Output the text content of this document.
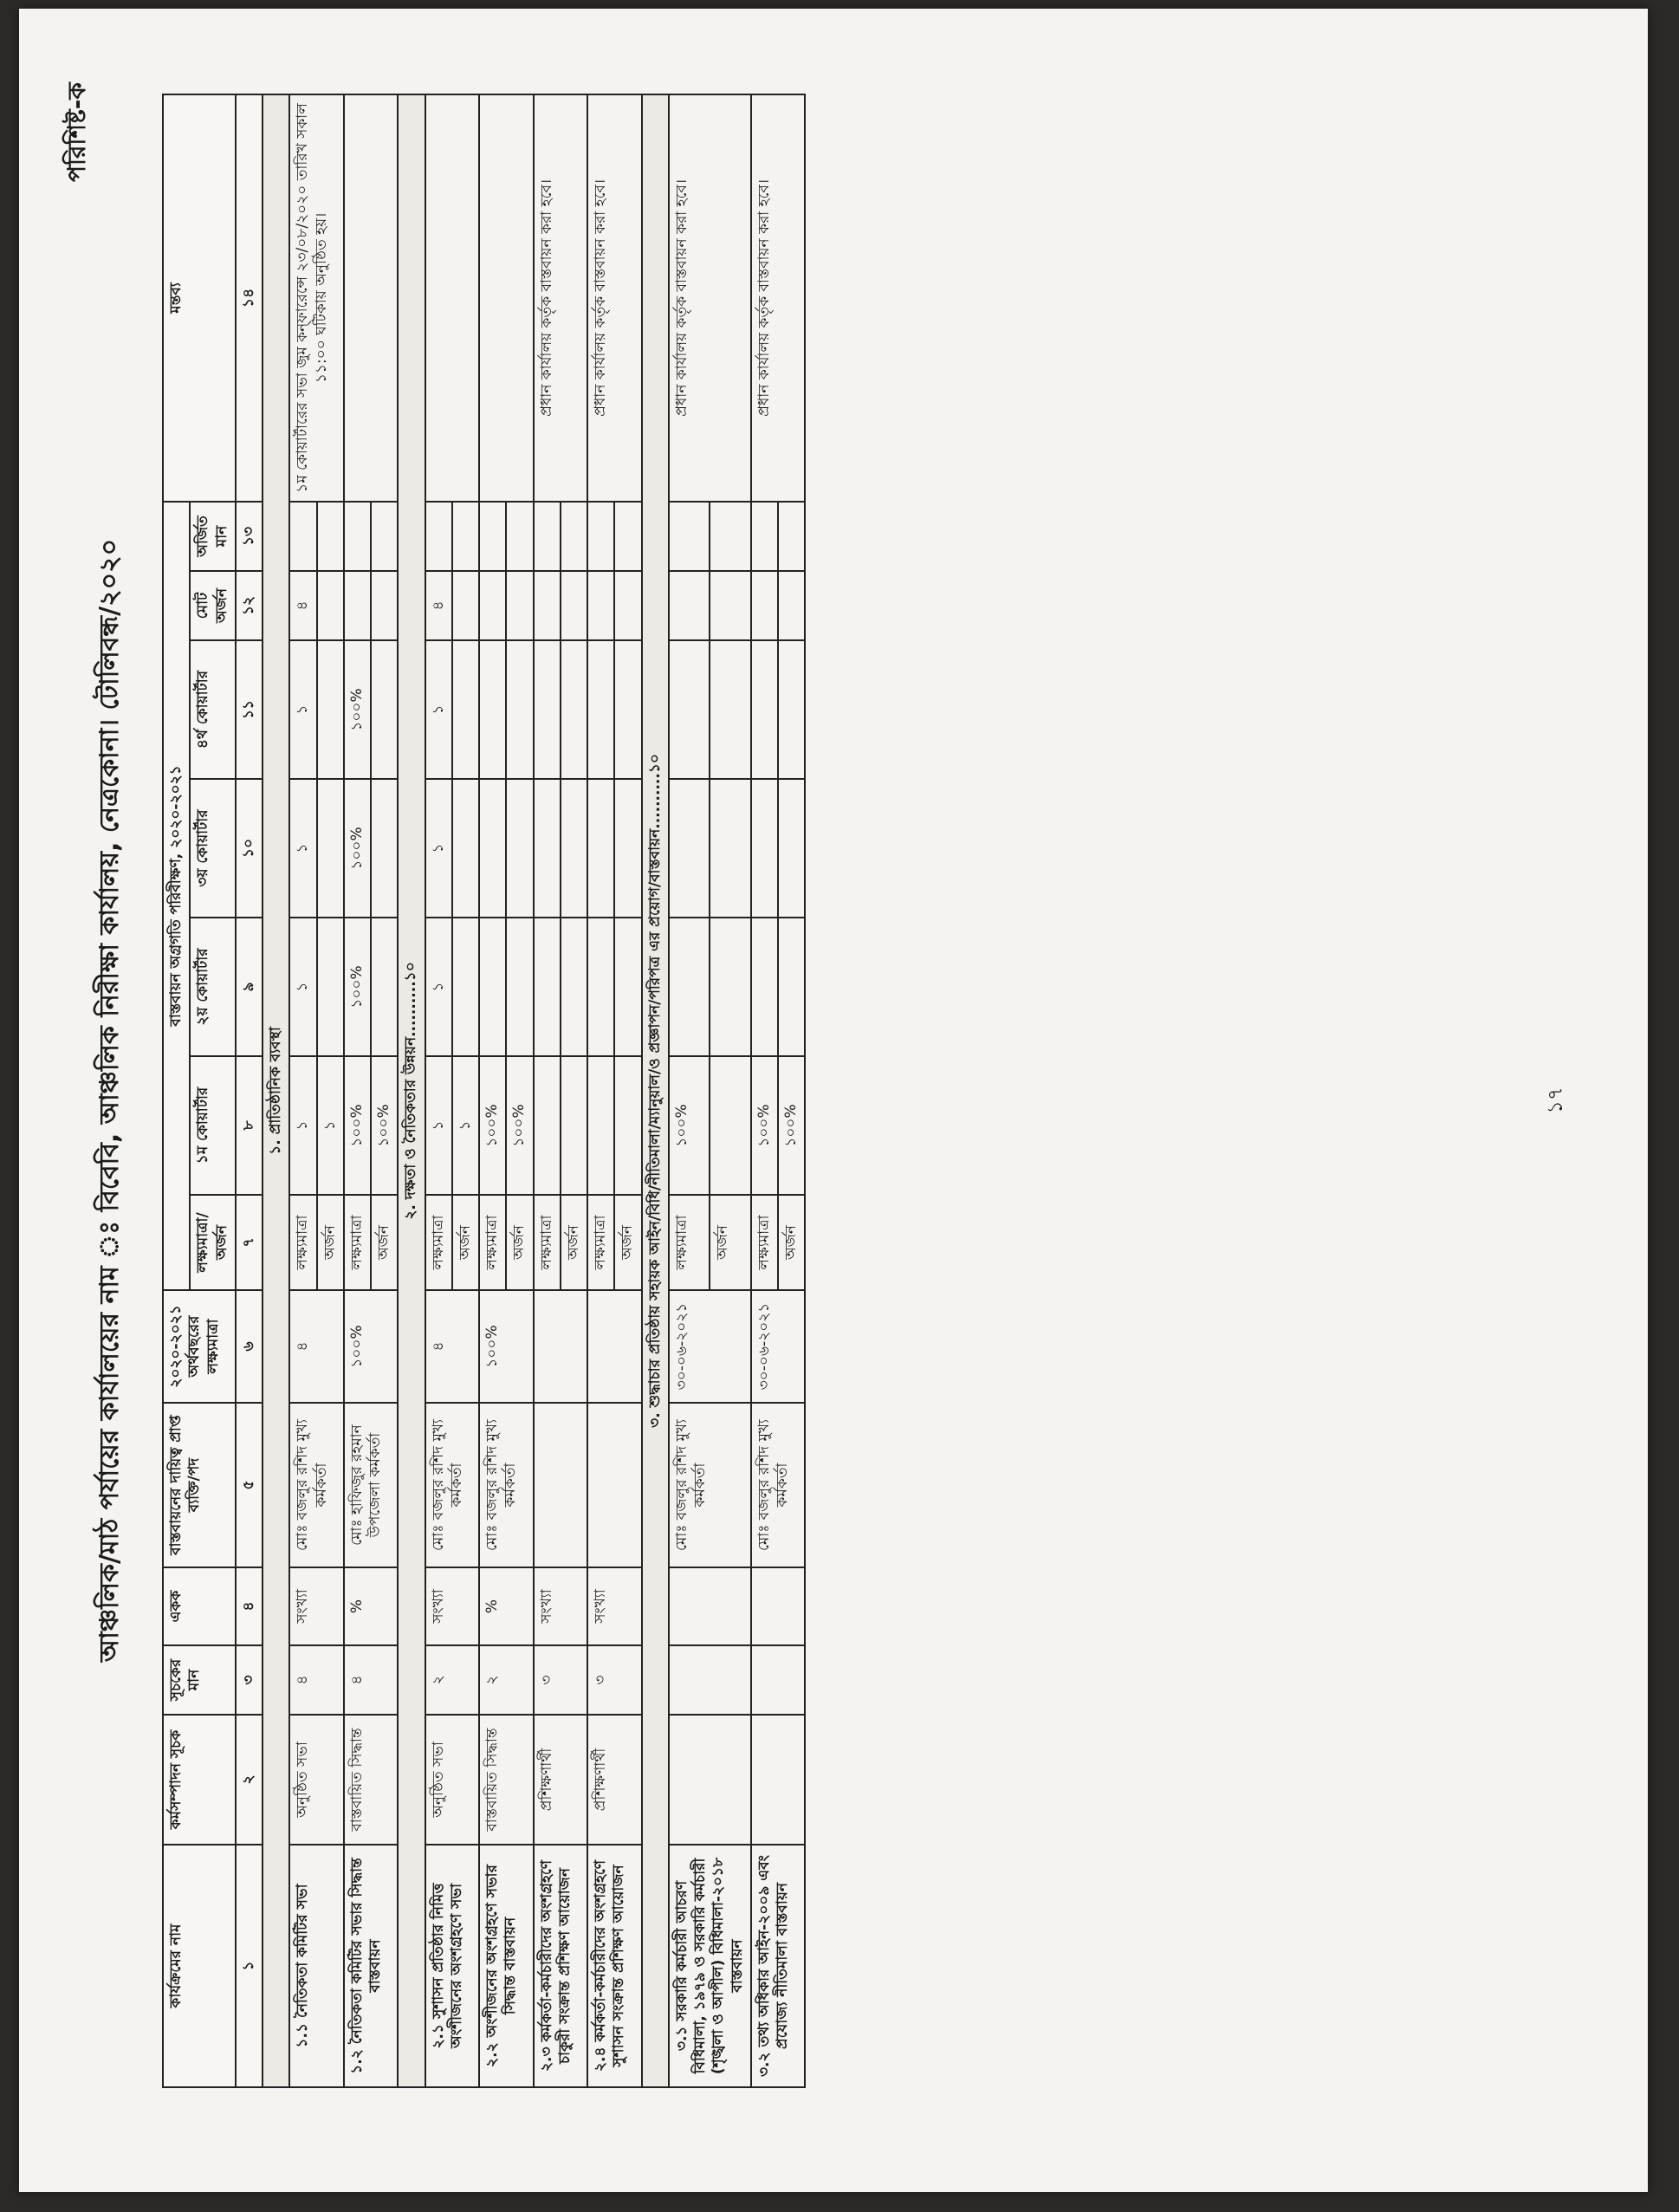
পরিশিষ্ট-ক
আঞ্চলিক/মাঠ পর্যায়ের কার্যালয়ের নাম ঃ বিবেবি, আঞ্চলিক নিরীক্ষা কার্যালয়, নেত্রকোনা। টোলিবন্ধ/২০২০
কার্যক্রমের নাম	কর্মসম্পাদন সূচক	সূচকের মান	একক	বাস্তবায়নের দায়িত্ব প্রাপ্ত ব্যক্তি/পদ	২০২০-২০২১ অর্থবছরের লক্ষ্যমাত্রা	বাস্তবায়ন অগ্রগতি পরিবীক্ষণ, ২০২০-২০২১							মন্তব্য
						লক্ষ্যমাত্রা/ অর্জন	১ম কোয়ার্টার	২য় কোয়ার্টার	৩য় কোয়ার্টার	৪র্থ কোয়ার্টার	মোট অর্জন	অর্জিত মান	
১	২	৩	৪	৫	৬	৭	৮	৯	১০	১১	১২	১৩	১৪
১. প্রাতিষ্ঠানিক ব্যবস্থা													
১.১ নৈতিকতা কমিটির সভা	অনুষ্ঠিত সভা	৪	সংখ্যা	মোঃ বজলুর রশিদ মুখ্য কর্মকর্তা	৪	লক্ষ্যমাত্রা	১	১	১	১	৪		১ম কোয়ার্টারের সভা জুম কন্ফারেন্সে ২৩/০৮/২০২০ তারিখ সকাল ১১:০০ ঘটিকায় অনুষ্ঠিত হয়।
						অর্জন	১						
১.২ নৈতিকতা কমিটির সভার সিদ্ধান্ত বাস্তবায়ন	বাস্তবায়িত সিদ্ধান্ত	৪	%	মোঃ হাফিজুর রহমান উপজেলা কর্মকর্তা	১০০%	লক্ষ্যমাত্রা	১০০%	১০০%	১০০%	১০০%			
						অর্জন	১০০%						
২. দক্ষতা ও নৈতিকতার উন্নয়ন..........১০													
২.১ সুশাসন প্রতিষ্ঠার নিমিত্ত অংশীজনের অংশগ্রহণে সভা	অনুষ্ঠিত সভা	২	সংখ্যা	মোঃ বজলুর রশিদ মুখ্য কর্মকর্তা	৪	লক্ষ্যমাত্রা	১	১	১	১	৪		
						অর্জন	১						
২.২ অংশীজনের অংশগ্রহণে সভার সিদ্ধান্ত বাস্তবায়ন	বাস্তবায়িত সিদ্ধান্ত	২	%	মোঃ বজলুর রশিদ মুখ্য কর্মকর্তা	১০০%	লক্ষ্যমাত্রা	১০০%						
						অর্জন	১০০%						
২.৩ কর্মকর্তা-কর্মচারীদের অংশগ্রহণে চাকুরী সংক্রান্ত প্রশিক্ষণ আয়োজন	প্রশিক্ষণার্থী	৩	সংখ্যা			লক্ষ্যমাত্রা							প্রধান কার্যালয় কর্তৃক বাস্তবায়ন করা হবে।
						অর্জন							
২.৪ কর্মকর্তা-কর্মচারীদের অংশগ্রহণে সুশাসন সংক্রান্ত প্রশিক্ষণ আয়োজন	প্রশিক্ষণার্থী	৩	সংখ্যা			লক্ষ্যমাত্রা							প্রধান কার্যালয় কর্তৃক বাস্তবায়ন করা হবে।
						অর্জন							
৩. শুদ্ধাচার প্রতিষ্ঠায় সহায়ক আইন/বিধি/নীতিমালা/ম্যানুয়াল/ও প্রজ্ঞাপন/পরিপত্র এর প্রয়োগ/বাস্তবায়ন..........১০													
৩.১ সরকারি কর্মচারী আচরণ বিধিমালা, ১৯৭৯ ও সরকারি কর্মচারী (শৃঙ্খলা ও আপীল) বিধিমালা-২০১৮ বাস্তবায়ন				মোঃ বজলুর রশিদ মুখ্য কর্মকর্তা	৩০-০৬-২০২১	লক্ষ্যমাত্রা	১০০%						প্রধান কার্যালয় কর্তৃক বাস্তবায়ন করা হবে।
						অর্জন							
৩.২ তথ্য অধিকার আইন-২০০৯ এবং প্রযোজ্য নীতিমালা বাস্তবায়ন				মোঃ বজলুর রশিদ মুখ্য কর্মকর্তা	৩০-০৬-২০২১	লক্ষ্যমাত্রা	১০০%						প্রধান কার্যালয় কর্তৃক বাস্তবায়ন করা হবে।
						অর্জন	১০০%						
১৭
